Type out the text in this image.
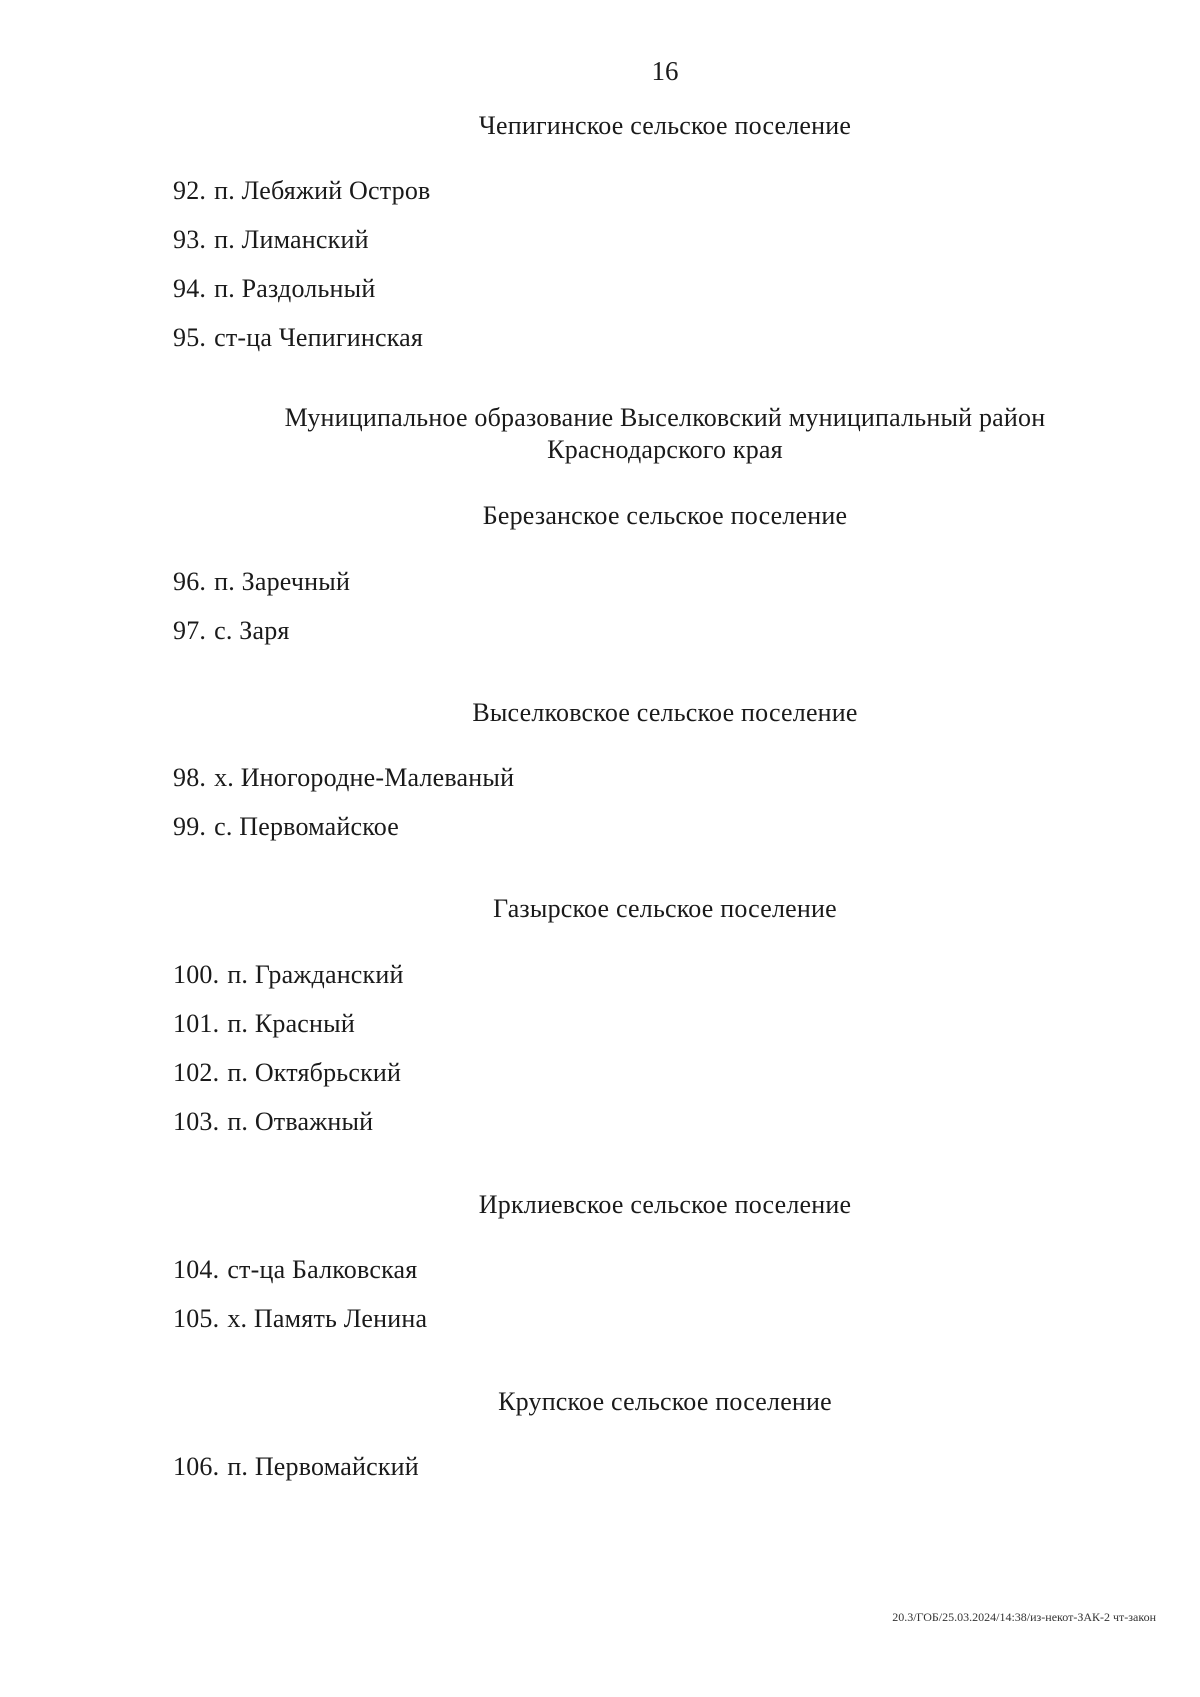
16
Чепигинское сельское поселение
92. п. Лебяжий Остров
93. п. Лиманский
94. п. Раздольный
95. ст-ца Чепигинская
Муниципальное образование Выселковский муниципальный район
Краснодарского края
Березанское сельское поселение
96. п. Заречный
97. с. Заря
Выселковское сельское поселение
98. х. Иногородне-Малеваный
99. с. Первомайское
Газырское сельское поселение
100. п. Гражданский
101. п. Красный
102. п. Октябрьский
103. п. Отважный
Ирклиевское сельское поселение
104. ст-ца Балковская
105. х. Память Ленина
Крупское сельское поселение
106. п. Первомайский
20.3/ГОБ/25.03.2024/14:38/из-некот-ЗАК-2 чт-закон
